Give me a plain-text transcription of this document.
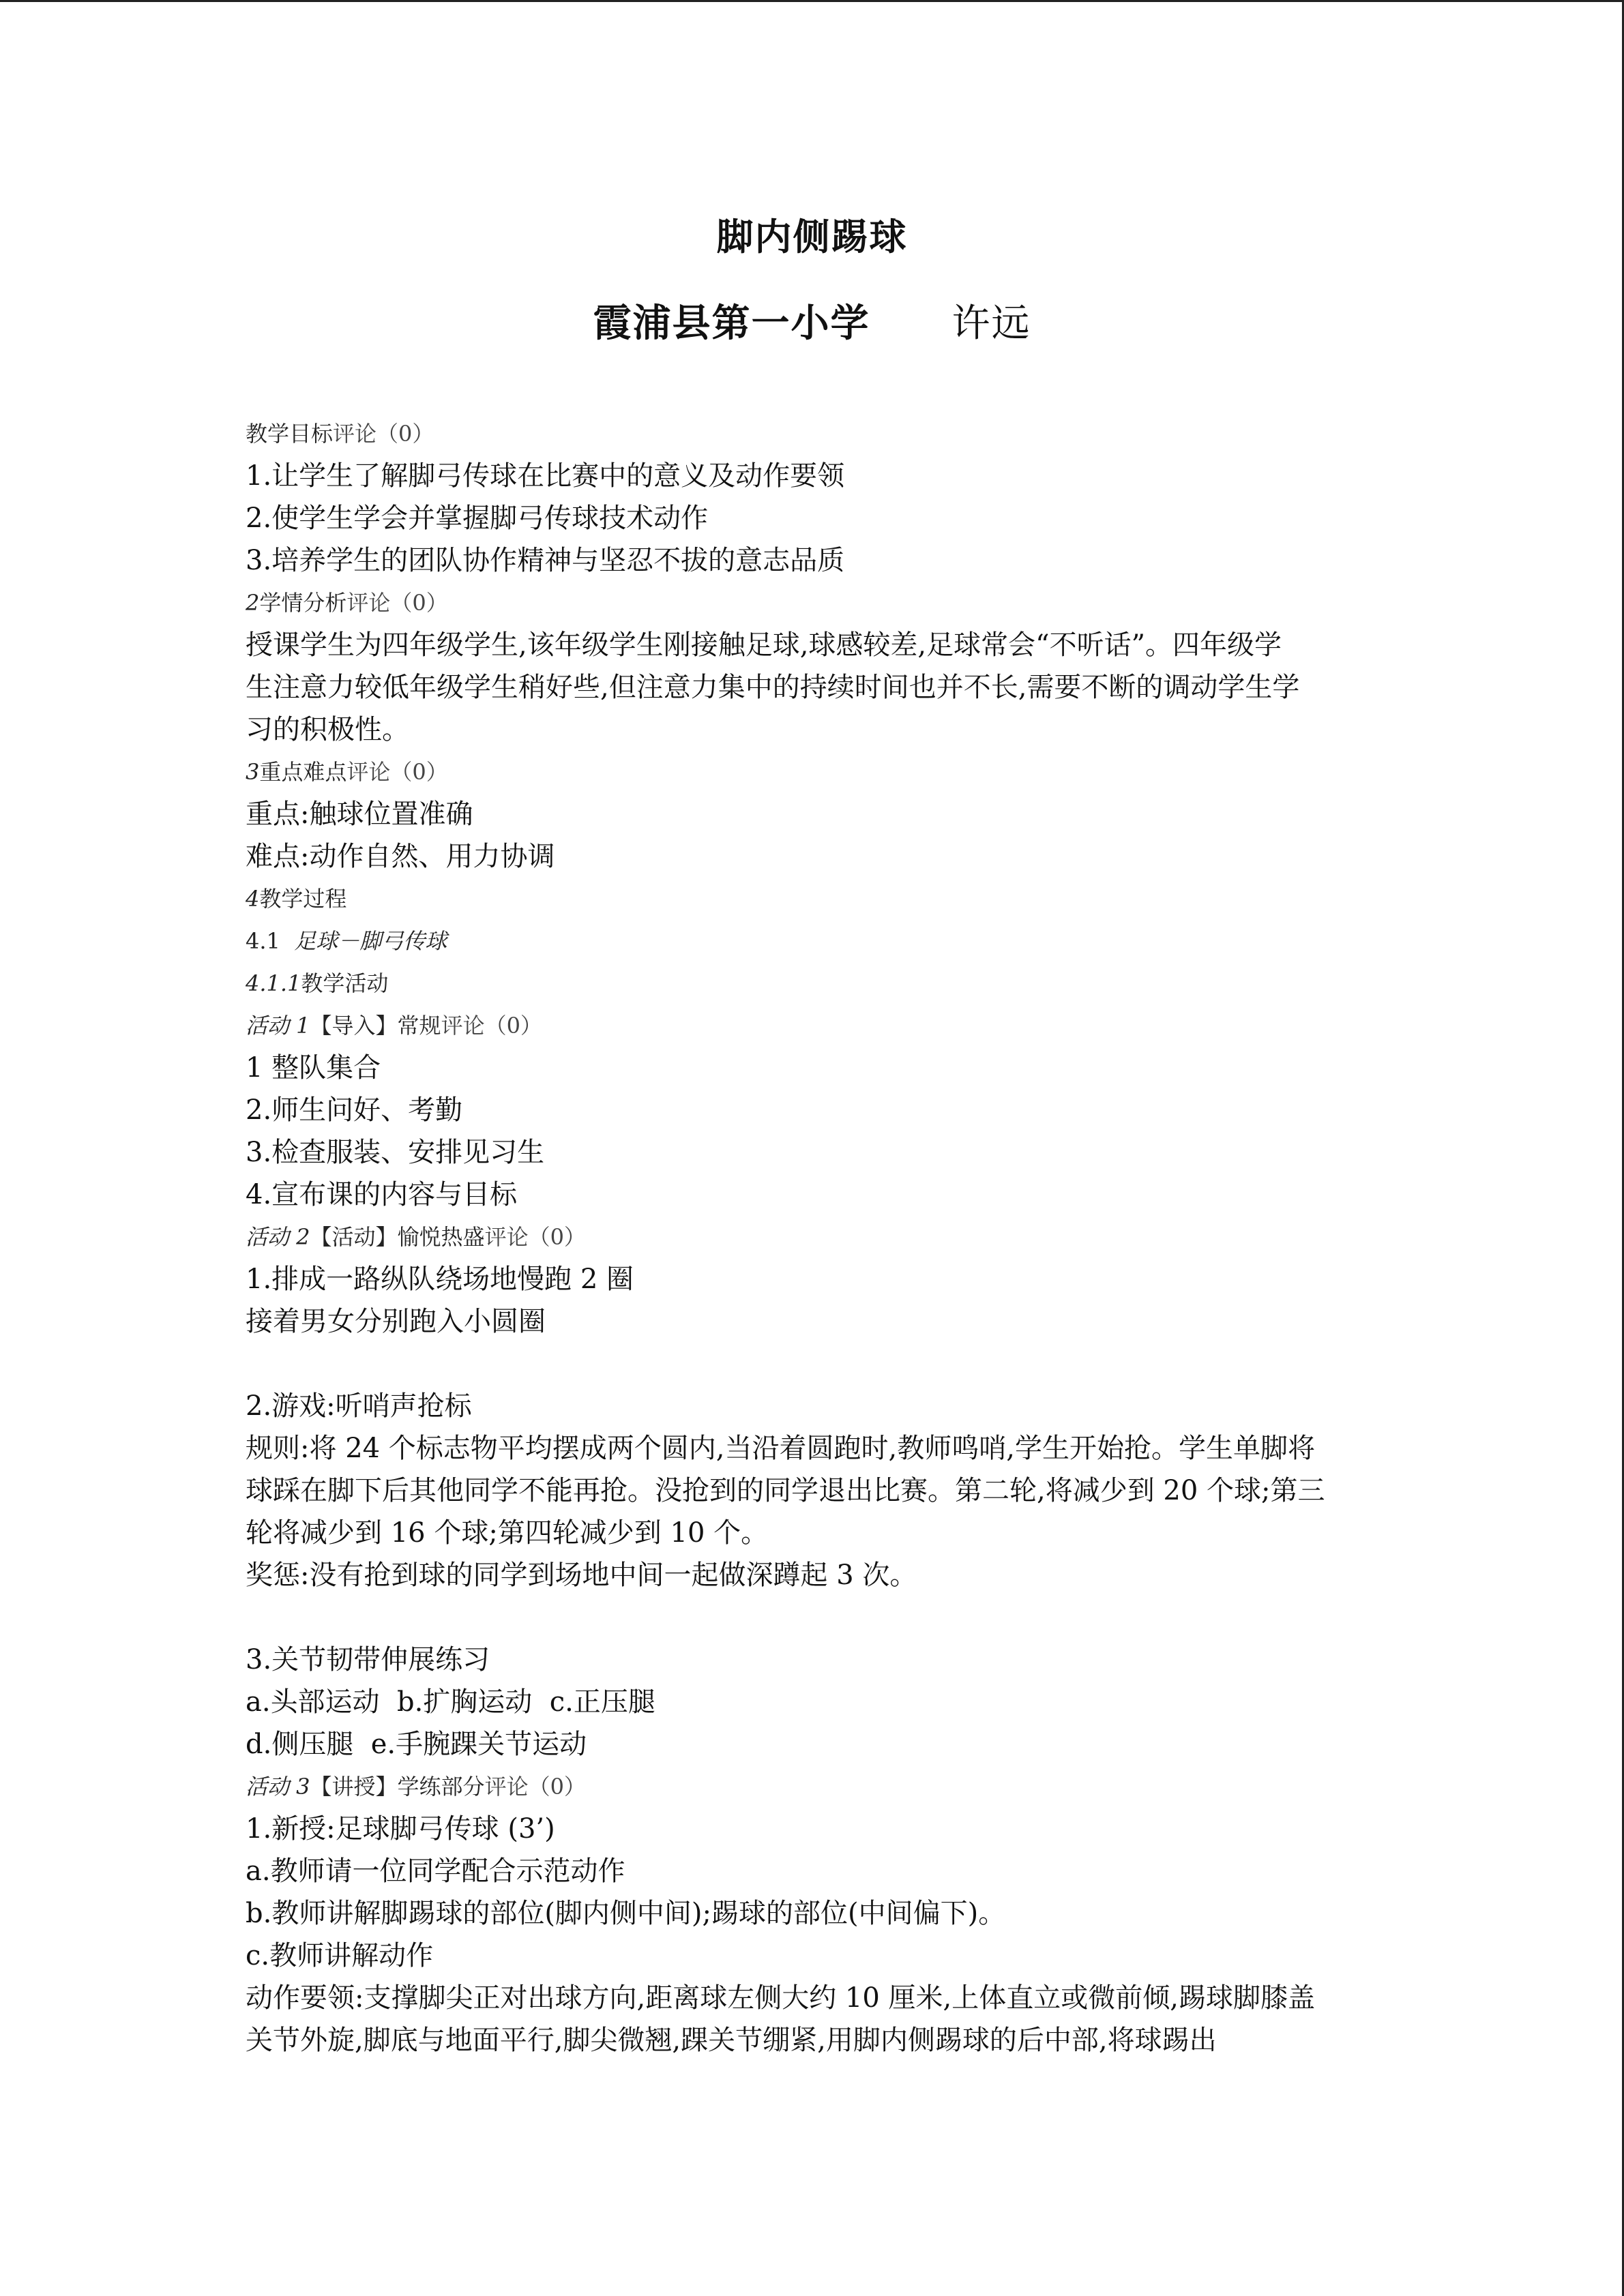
脚内侧踢球
霞浦县第一小学 许远
教学目标评论（0）
1.让学生了解脚弓传球在比赛中的意义及动作要领
2.使学生学会并掌握脚弓传球技术动作
3.培养学生的团队协作精神与坚忍不拔的意志品质
2学情分析评论（0）
授课学生为四年级学生,该年级学生刚接触足球,球感较差,足球常会“不听话”。四年级学
生注意力较低年级学生稍好些,但注意力集中的持续时间也并不长,需要不断的调动学生学
习的积极性。
3重点难点评论（0）
重点:触球位置准确
难点:动作自然、用力协调
4教学过程
4.1 足球－脚弓传球
4.1.1教学活动
活动 1【导入】常规评论（0）
1 整队集合
2.师生问好、考勤
3.检查服装、安排见习生
4.宣布课的内容与目标
活动 2【活动】愉悦热盛评论（0）
1.排成一路纵队绕场地慢跑 2 圈
接着男女分别跑入小圆圈
2.游戏:听哨声抢标
规则:将 24 个标志物平均摆成两个圆内,当沿着圆跑时,教师鸣哨,学生开始抢。学生单脚将
球踩在脚下后其他同学不能再抢。没抢到的同学退出比赛。第二轮,将减少到 20 个球;第三
轮将减少到 16 个球;第四轮减少到 10 个。
奖惩:没有抢到球的同学到场地中间一起做深蹲起 3 次。
3.关节韧带伸展练习
a.头部运动  b.扩胸运动  c.正压腿
d.侧压腿  e.手腕踝关节运动
活动 3【讲授】学练部分评论（0）
1.新授:足球脚弓传球 (3’)
a.教师请一位同学配合示范动作
b.教师讲解脚踢球的部位(脚内侧中间);踢球的部位(中间偏下)。
c.教师讲解动作
动作要领:支撑脚尖正对出球方向,距离球左侧大约 10 厘米,上体直立或微前倾,踢球脚膝盖
关节外旋,脚底与地面平行,脚尖微翘,踝关节绷紧,用脚内侧踢球的后中部,将球踢出
